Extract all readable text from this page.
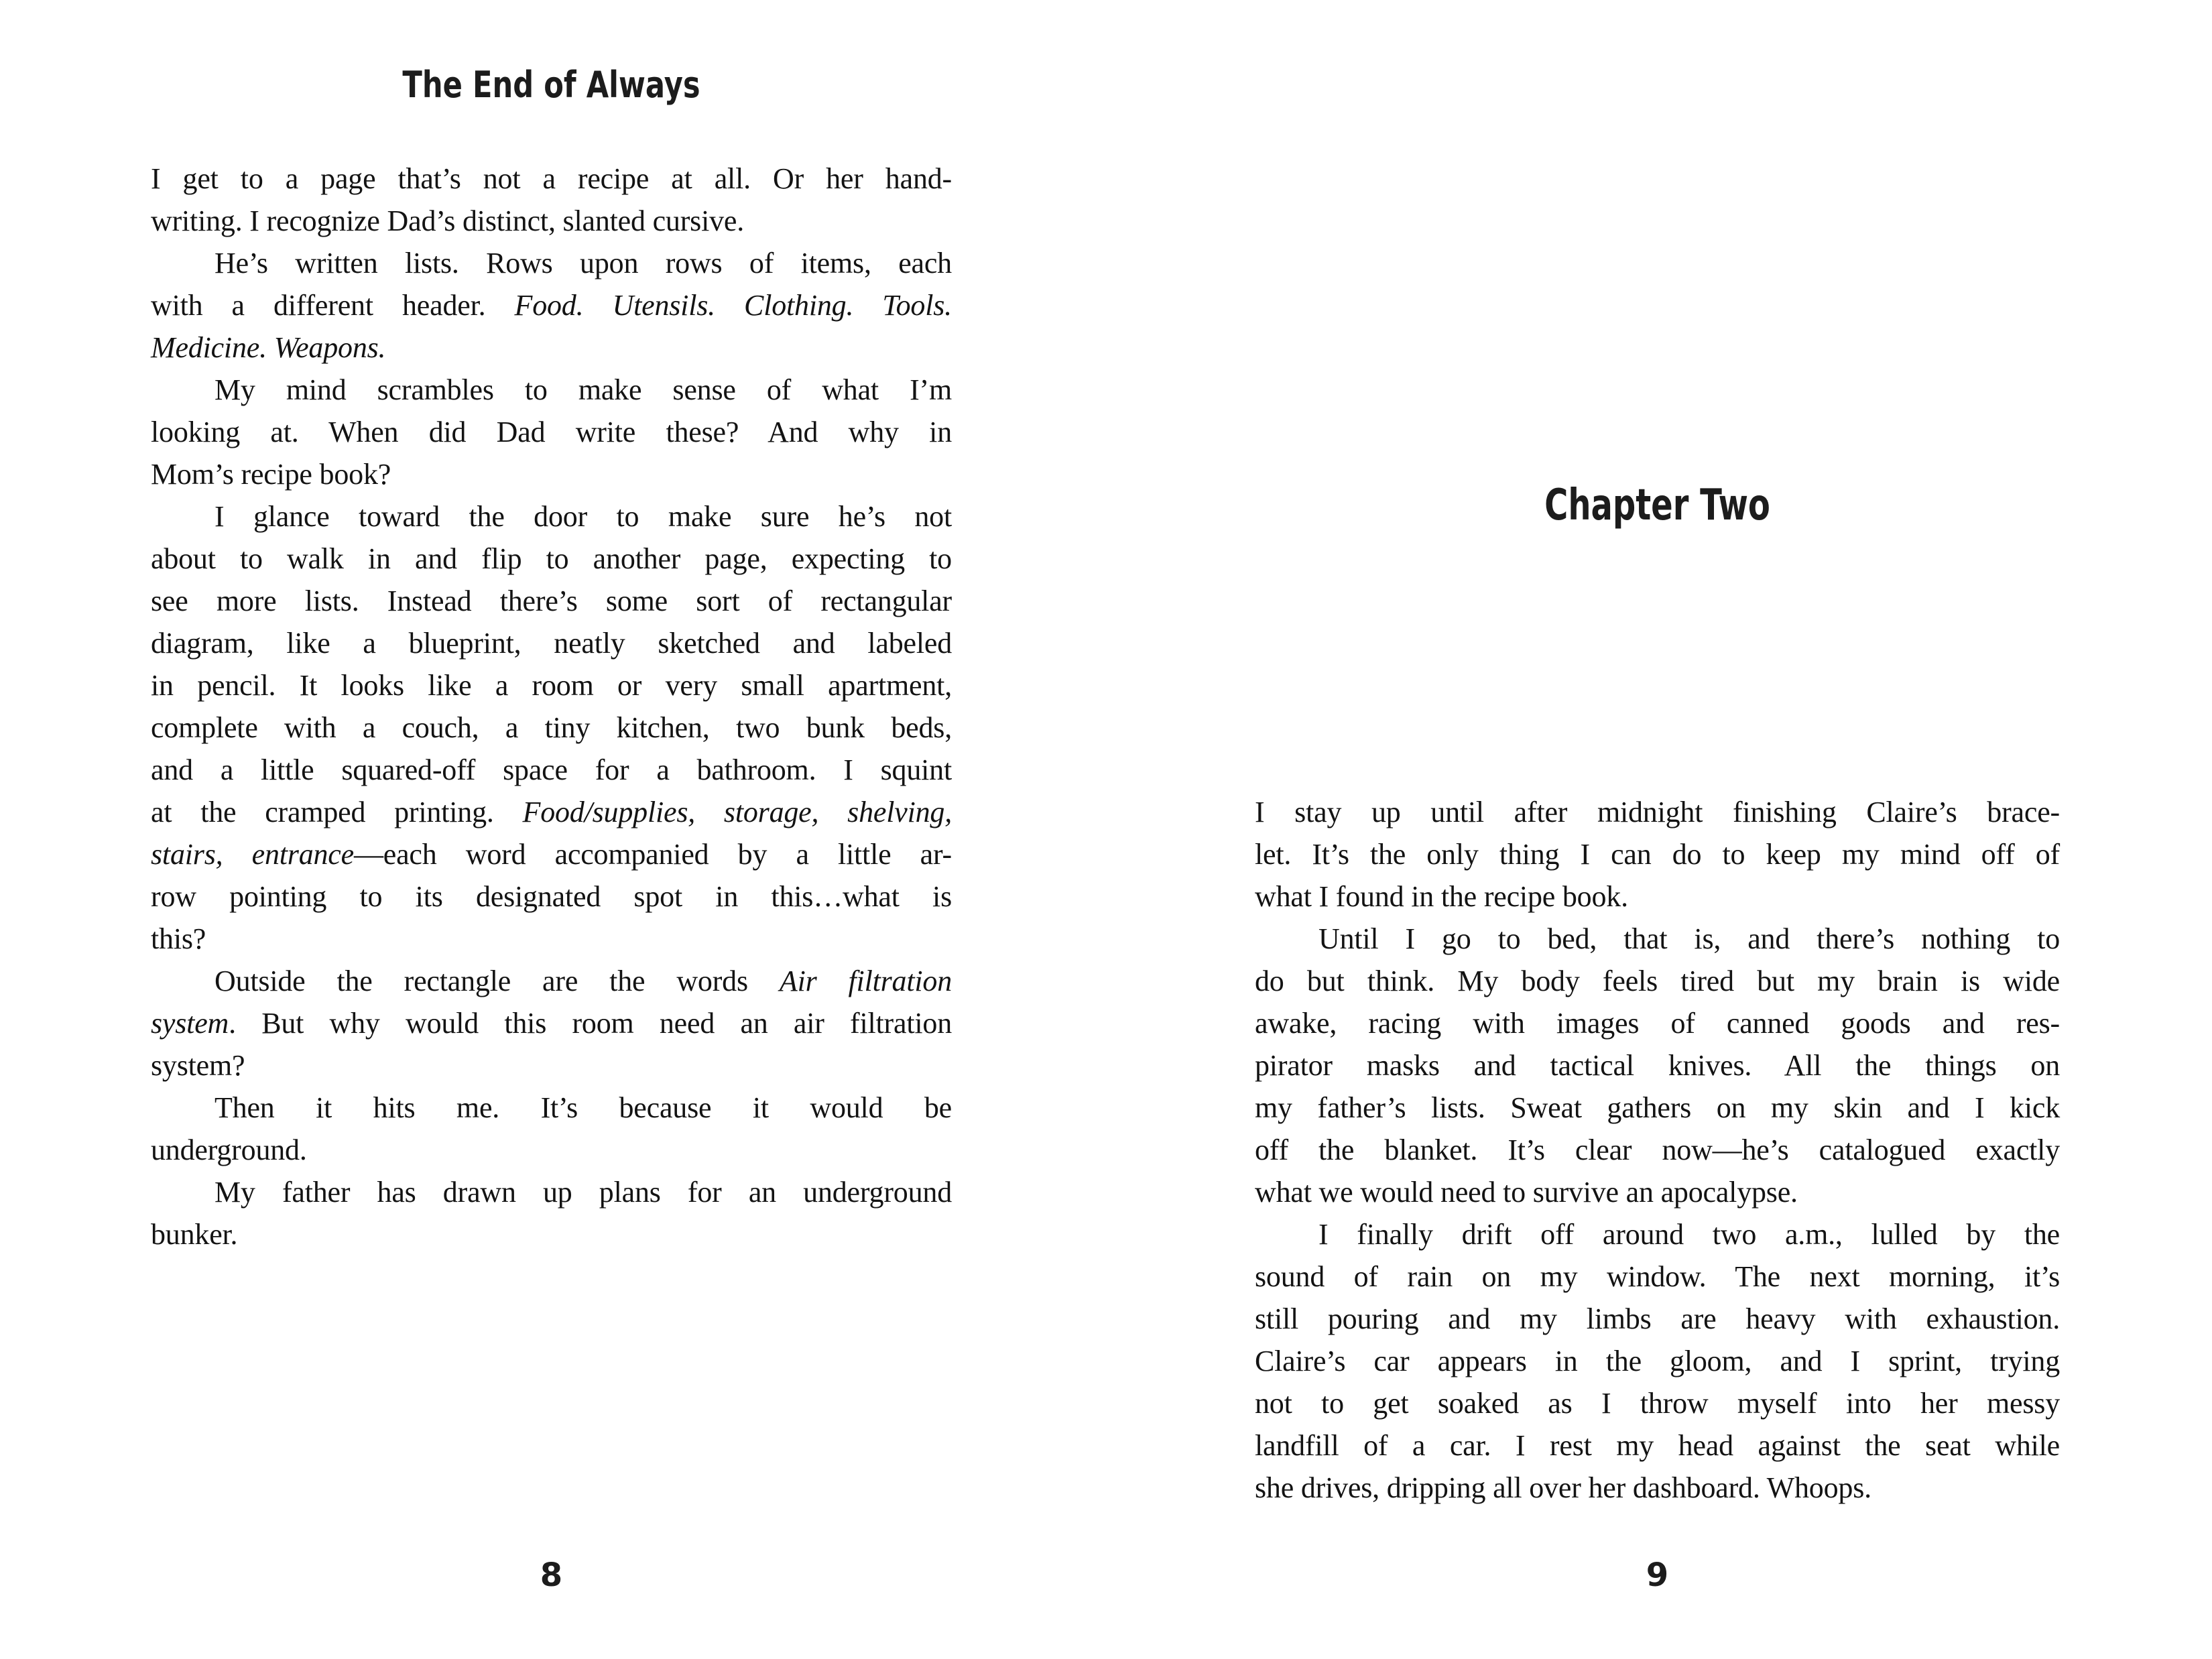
The End of Always
I get to a page that’s not a recipe at all. Or her hand-
writing. I recognize Dad’s distinct, slanted cursive.
He’s written lists. Rows upon rows of items, each
with a different header. Food. Utensils. Clothing. Tools.
Medicine. Weapons.
My mind scrambles to make sense of what I’m
looking at. When did Dad write these? And why in
Mom’s recipe book?
I glance toward the door to make sure he’s not
about to walk in and flip to another page, expecting to
see more lists. Instead there’s some sort of rectangular
diagram, like a blueprint, neatly sketched and labeled
in pencil. It looks like a room or very small apartment,
complete with a couch, a tiny kitchen, two bunk beds,
and a little squared-off space for a bathroom. I squint
at the cramped printing. Food/supplies, storage, shelving,
stairs, entrance—each word accompanied by a little ar-
row pointing to its designated spot in this…what is
this?
Outside the rectangle are the words Air filtration
system. But why would this room need an air filtration
system?
Then it hits me. It’s because it would be
underground.
My father has drawn up plans for an underground
bunker.
8
Chapter Two
I stay up until after midnight finishing Claire’s brace-
let. It’s the only thing I can do to keep my mind off of
what I found in the recipe book.
Until I go to bed, that is, and there’s nothing to
do but think. My body feels tired but my brain is wide
awake, racing with images of canned goods and res-
pirator masks and tactical knives. All the things on
my father’s lists. Sweat gathers on my skin and I kick
off the blanket. It’s clear now—he’s catalogued exactly
what we would need to survive an apocalypse.
I finally drift off around two a.m., lulled by the
sound of rain on my window. The next morning, it’s
still pouring and my limbs are heavy with exhaustion.
Claire’s car appears in the gloom, and I sprint, trying
not to get soaked as I throw myself into her messy
landfill of a car. I rest my head against the seat while
she drives, dripping all over her dashboard. Whoops.
9
